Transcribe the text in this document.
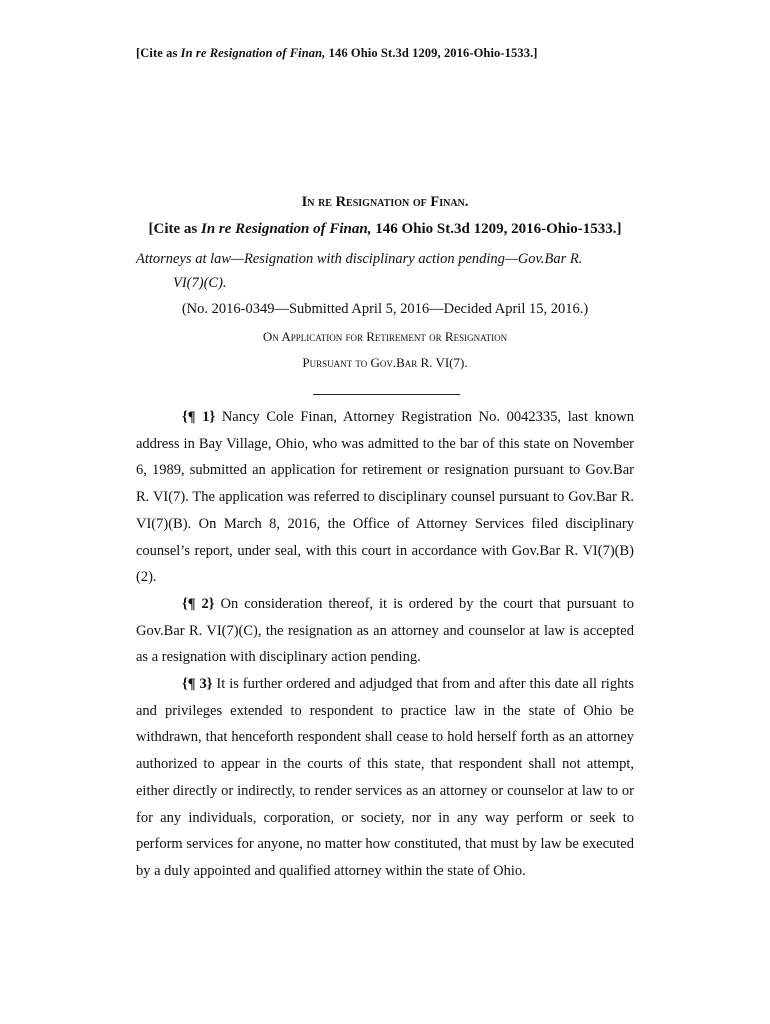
[Cite as In re Resignation of Finan, 146 Ohio St.3d 1209, 2016-Ohio-1533.]
In re Resignation of Finan.
[Cite as In re Resignation of Finan, 146 Ohio St.3d 1209, 2016-Ohio-1533.]
Attorneys at law—Resignation with disciplinary action pending—Gov.Bar R.
VI(7)(C).
(No. 2016-0349—Submitted April 5, 2016—Decided April 15, 2016.)
On Application for Retirement or Resignation
Pursuant to Gov.Bar R. VI(7).

{¶ 1} Nancy Cole Finan, Attorney Registration No. 0042335, last known address in Bay Village, Ohio, who was admitted to the bar of this state on November 6, 1989, submitted an application for retirement or resignation pursuant to Gov.Bar R. VI(7). The application was referred to disciplinary counsel pursuant to Gov.Bar R. VI(7)(B). On March 8, 2016, the Office of Attorney Services filed disciplinary counsel’s report, under seal, with this court in accordance with Gov.Bar R. VI(7)(B)(2).

{¶ 2} On consideration thereof, it is ordered by the court that pursuant to Gov.Bar R. VI(7)(C), the resignation as an attorney and counselor at law is accepted as a resignation with disciplinary action pending.

{¶ 3} It is further ordered and adjudged that from and after this date all rights and privileges extended to respondent to practice law in the state of Ohio be withdrawn, that henceforth respondent shall cease to hold herself forth as an attorney authorized to appear in the courts of this state, that respondent shall not attempt, either directly or indirectly, to render services as an attorney or counselor at law to or for any individuals, corporation, or society, nor in any way perform or seek to perform services for anyone, no matter how constituted, that must by law be executed by a duly appointed and qualified attorney within the state of Ohio.
